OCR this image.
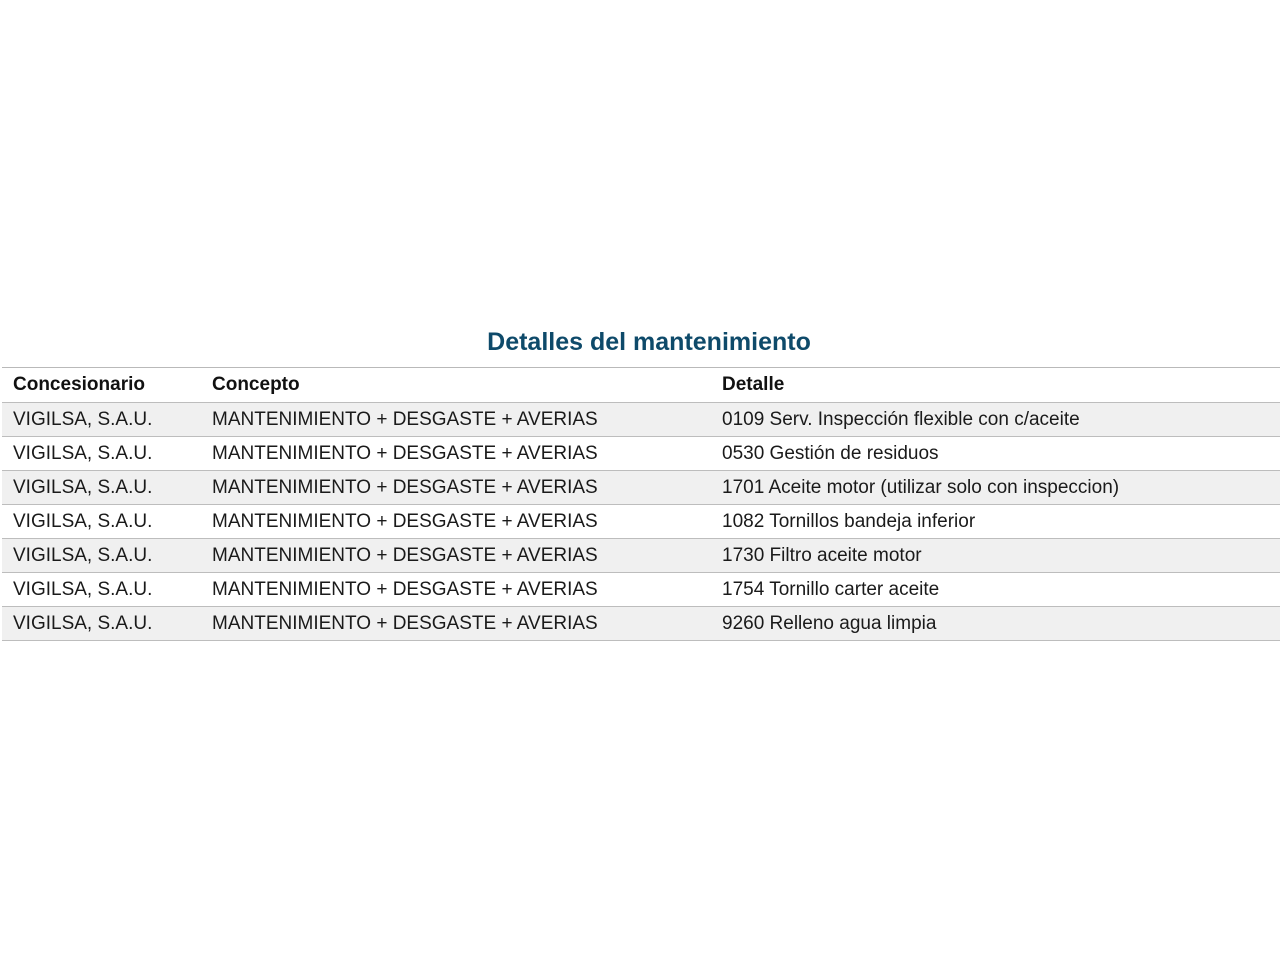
Detalles del mantenimiento
Concesionario	Concepto	Detalle
VIGILSA, S.A.U.	MANTENIMIENTO + DESGASTE + AVERIAS	0109 Serv. Inspección flexible con c/aceite
VIGILSA, S.A.U.	MANTENIMIENTO + DESGASTE + AVERIAS	0530 Gestión de residuos
VIGILSA, S.A.U.	MANTENIMIENTO + DESGASTE + AVERIAS	1701 Aceite motor (utilizar solo con inspeccion)
VIGILSA, S.A.U.	MANTENIMIENTO + DESGASTE + AVERIAS	1082 Tornillos bandeja inferior
VIGILSA, S.A.U.	MANTENIMIENTO + DESGASTE + AVERIAS	1730 Filtro aceite motor
VIGILSA, S.A.U.	MANTENIMIENTO + DESGASTE + AVERIAS	1754 Tornillo carter aceite
VIGILSA, S.A.U.	MANTENIMIENTO + DESGASTE + AVERIAS	9260 Relleno agua limpia
